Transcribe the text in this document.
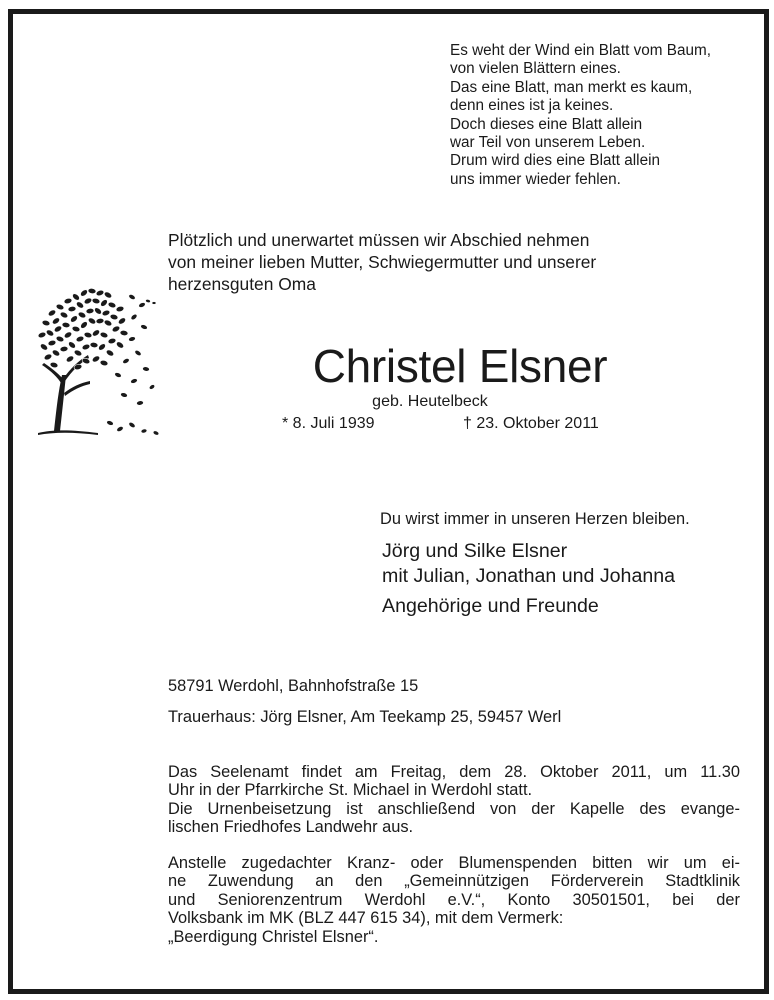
Es weht der Wind ein Blatt vom Baum,
von vielen Blättern eines.
Das eine Blatt, man merkt es kaum,
denn eines ist ja keines.
Doch dieses eine Blatt allein
war Teil von unserem Leben.
Drum wird dies eine Blatt allein
uns immer wieder fehlen.
Plötzlich und unerwartet müssen wir Abschied nehmen
von meiner lieben Mutter, Schwiegermutter und unserer
herzensguten Oma
Christel Elsner
geb. Heutelbeck
* 8. Juli 1939	† 23. Oktober 2011
Du wirst immer in unseren Herzen bleiben.
Jörg und Silke Elsner
mit Julian, Jonathan und Johanna
Angehörige und Freunde
58791 Werdohl, Bahnhofstraße 15
Trauerhaus: Jörg Elsner, Am Teekamp 25, 59457 Werl
Das Seelenamt findet am Freitag, dem 28. Oktober 2011, um 11.30
Uhr in der Pfarrkirche St. Michael in Werdohl statt.
Die Urnenbeisetzung ist anschließend von der Kapelle des evange-
lischen Friedhofes Landwehr aus.
Anstelle zugedachter Kranz- oder Blumenspenden bitten wir um ei-
ne Zuwendung an den „Gemeinnützigen Förderverein Stadtklinik
und Seniorenzentrum Werdohl e.V.“, Konto 30501501, bei der
Volksbank im MK (BLZ 447 615 34), mit dem Vermerk:
„Beerdigung Christel Elsner“.
